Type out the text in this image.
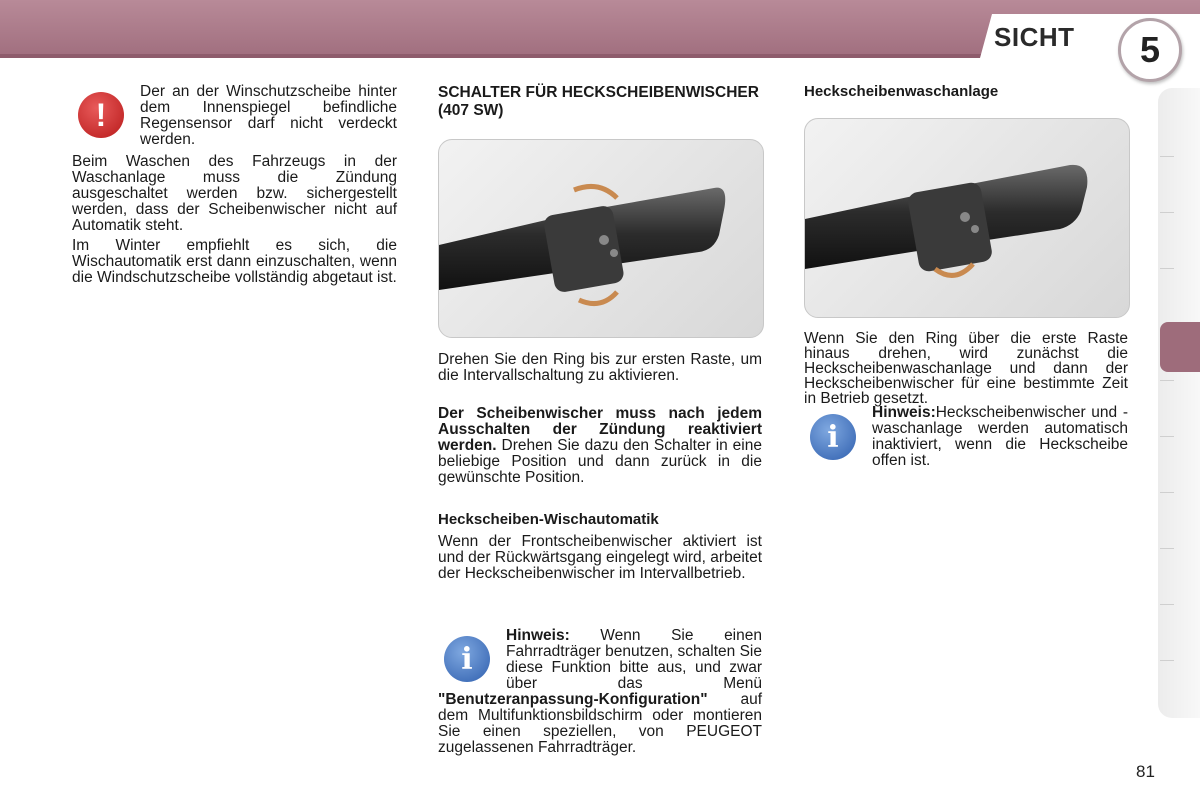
SICHT	5
!
Der an der Winschutzscheibe hinter dem Innenspiegel befindliche Regensensor darf nicht verdeckt werden.
Beim Waschen des Fahrzeugs in der Waschanlage muss die Zündung ausgeschaltet werden bzw. sichergestellt werden, dass der Scheibenwischer nicht auf Automatik steht.
Im Winter empfiehlt es sich, die Wischautomatik erst dann einzuschalten, wenn die Windschutzscheibe vollständig abgetaut ist.
SCHALTER FÜR HECKSCHEIBENWISCHER (407 SW)
Drehen Sie den Ring bis zur ersten Raste, um die Intervallschaltung zu aktivieren.
Der Scheibenwischer muss nach jedem Ausschalten der Zündung reaktiviert werden. Drehen Sie dazu den Schalter in eine beliebige Position und dann zurück in die gewünschte Position.
Heckscheiben-Wischautomatik
Wenn der Frontscheibenwischer aktiviert ist und der Rückwärtsgang eingelegt wird, arbeitet der Heckscheibenwischer im Intervallbetrieb.
i
Hinweis: Wenn Sie einen Fahrradträger benutzen, schalten Sie diese Funktion bitte aus, und zwar über das Menü "Benutzeranpassung-Konfiguration" auf dem Multifunktionsbildschirm oder montieren Sie einen speziellen, von PEUGEOT zugelassenen Fahrradträger.
Heckscheibenwaschanlage
Wenn Sie den Ring über die erste Raste hinaus drehen, wird zunächst die Heckscheibenwaschanlage und dann der Heckscheibenwischer für eine bestimmte Zeit in Betrieb gesetzt.
i
Hinweis:Heckscheibenwischer und -waschanlage werden automatisch inaktiviert, wenn die Heckscheibe offen ist.
81
